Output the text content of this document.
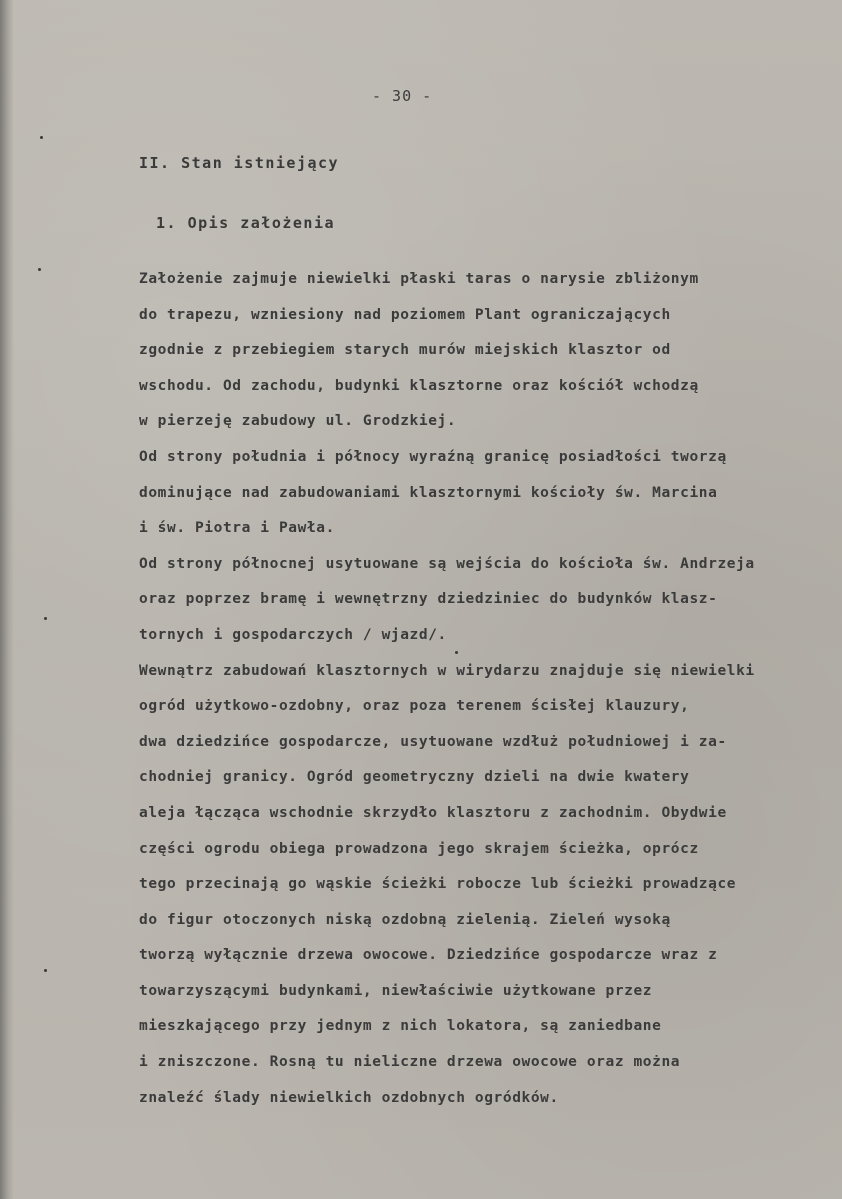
- 30 -
II. Stan istniejący
1. Opis założenia
Założenie zajmuje niewielki płaski taras o narysie zbliżonym
do trapezu, wzniesiony nad poziomem Plant ograniczających
zgodnie z przebiegiem starych murów miejskich klasztor od
wschodu. Od zachodu, budynki klasztorne oraz kościół wchodzą
w pierzeję zabudowy ul. Grodzkiej.
Od strony południa i północy wyraźną granicę posiadłości tworzą
dominujące nad zabudowaniami klasztornymi kościoły św. Marcina
i św. Piotra i Pawła.
Od strony północnej usytuowane są wejścia do kościoła św. Andrzeja
oraz poprzez bramę i wewnętrzny dziedziniec do budynków klasz-
tornych i gospodarczych / wjazd/.
Wewnątrz zabudowań klasztornych w wirydarzu znajduje się niewielki
ogród użytkowo-ozdobny, oraz poza terenem ścisłej klauzury,
dwa dziedzińce gospodarcze, usytuowane wzdłuż południowej i za-
chodniej granicy. Ogród geometryczny dzieli na dwie kwatery
aleja łącząca wschodnie skrzydło klasztoru z zachodnim. Obydwie
części ogrodu obiega prowadzona jego skrajem ścieżka, oprócz
tego przecinają go wąskie ścieżki robocze lub ścieżki prowadzące
do figur otoczonych niską ozdobną zielenią. Zieleń wysoką
tworzą wyłącznie drzewa owocowe. Dziedzińce gospodarcze wraz z
towarzyszącymi budynkami, niewłaściwie użytkowane przez
mieszkającego przy jednym z nich lokatora, są zaniedbane
i zniszczone. Rosną tu nieliczne drzewa owocowe oraz można
znaleźć ślady niewielkich ozdobnych ogródków.
